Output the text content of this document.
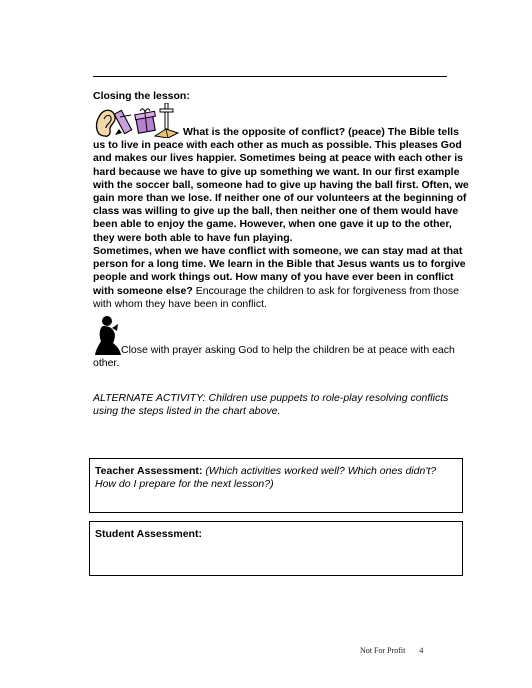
Closing the lesson:
What is the opposite of conflict? (peace) The Bible tells us to live in peace with each other as much as possible. This pleases God and makes our lives happier. Sometimes being at peace with each other is hard because we have to give up something we want. In our first example with the soccer ball, someone had to give up having the ball first. Often, we gain more than we lose. If neither one of our volunteers at the beginning of class was willing to give up the ball, then neither one of them would have been able to enjoy the game. However, when one gave it up to the other, they were both able to have fun playing.
Sometimes, when we have conflict with someone, we can stay mad at that person for a long time. We learn in the Bible that Jesus wants us to forgive people and work things out. How many of you have ever been in conflict with someone else? Encourage the children to ask for forgiveness from those with whom they have been in conflict.
Close with prayer asking God to help the children be at peace with each other.
ALTERNATE ACTIVITY: Children use puppets to role-play resolving conflicts using the steps listed in the chart above.
Teacher Assessment: (Which activities worked well? Which ones didn't? How do I prepare for the next lesson?)
Student Assessment:
Not For Profit 4
